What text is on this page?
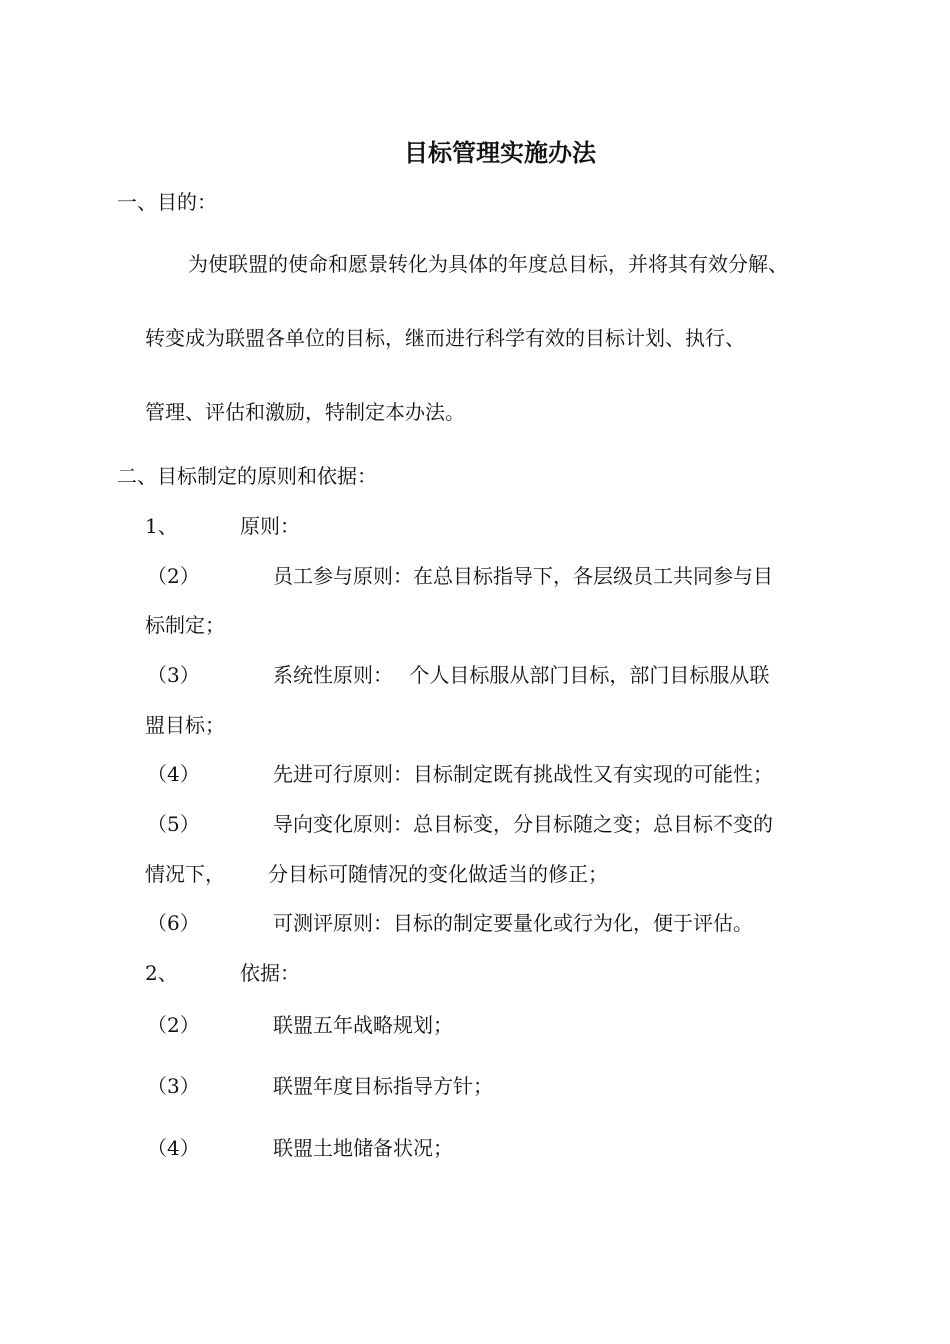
目标管理实施办法
一、目的：
为使联盟的使命和愿景转化为具体的年度总目标，并将其有效分解、
转变成为联盟各单位的目标，继而进行科学有效的目标计划、执行、
管理、评估和激励，特制定本办法。
二、目标制定的原则和依据：
1、	原则：
（2）	员工参与原则：在总目标指导下，各层级员工共同参与目
标制定；
（3）	系统性原则：　 个人目标服从部门目标，部门目标服从联
盟目标；
（4）	先进可行原则：目标制定既有挑战性又有实现的可能性；
（5）	导向变化原则：总目标变，分目标随之变；总目标不变的
情况下， 分目标可随情况的变化做适当的修正；
（6）	可测评原则：目标的制定要量化或行为化，便于评估。
2、	依据：
（2）	联盟五年战略规划；
（3）	联盟年度目标指导方针；
（4）	联盟土地储备状况；
